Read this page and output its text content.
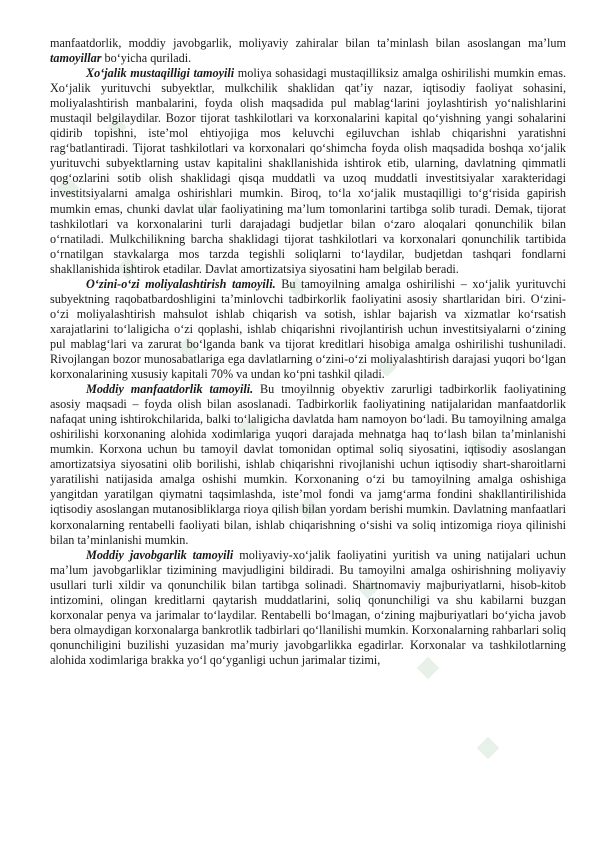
manfaatdorlik, moddiy javobgarlik, moliyaviy zahiralar bilan ta’minlash bilan asoslangan ma’lum tamoyillar bo‘yicha quriladi.

Xo‘jalik mustaqilligi tamoyili moliya sohasidagi mustaqilliksiz amalga oshirilishi mumkin emas. Xo‘jalik yurituvchi subyektlar, mulkchilik shaklidan qat’iy nazar, iqtisodiy faoliyat sohasini, moliyalashtirish manbalarini, foyda olish maqsadida pul mablag‘larini joylashtirish yo‘nalishlarini mustaqil belgilaydilar. Bozor tijorat tashkilotlari va korxonalarini kapital qo‘yishning yangi sohalarini qidirib topishni, iste’mol ehtiyojiga mos keluvchi egiluvchan ishlab chiqarishni yaratishni rag‘batlantiradi. Tijorat tashkilotlari va korxonalari qo‘shimcha foyda olish maqsadida boshqa xo‘jalik yurituvchi subyektlarning ustav kapitalini shakllanishida ishtirok etib, ularning, davlatning qimmatli qog‘ozlarini sotib olish shaklidagi qisqa muddatli va uzoq muddatli investitsiyalar xarakteridagi investitsiyalarni amalga oshirishlari mumkin. Biroq, to‘la xo‘jalik mustaqilligi to‘g‘risida gapirish mumkin emas, chunki davlat ular faoliyatining ma’lum tomonlarini tartibga solib turadi. Demak, tijorat tashkilotlari va korxonalarini turli darajadagi budjetlar bilan o‘zaro aloqalari qonunchilik bilan o‘rnatiladi. Mulkchilikning barcha shaklidagi tijorat tashkilotlari va korxonalari qonunchilik tartibida o‘rnatilgan stavkalarga mos tarzda tegishli soliqlarni to‘laydilar, budjetdan tashqari fondlarni shakllanishida ishtirok etadilar. Davlat amortizatsiya siyosatini ham belgilab beradi.

O‘zini-o‘zi moliyalashtirish tamoyili. Bu tamoyilning amalga oshirilishi – xo‘jalik yurituvchi subyektning raqobatbardoshligini ta’minlovchi tadbirkorlik faoliyatini asosiy shartlaridan biri. O‘zini-o‘zi moliyalashtirish mahsulot ishlab chiqarish va sotish, ishlar bajarish va xizmatlar ko‘rsatish xarajatlarini to‘laligicha o‘zi qoplashi, ishlab chiqarishni rivojlantirish uchun investitsiyalarni o‘zining pul mablag‘lari va zarurat bo‘lganda bank va tijorat kreditlari hisobiga amalga oshirilishi tushuniladi. Rivojlangan bozor munosabatlariga ega davlatlarning o‘zini-o‘zi moliyalashtirish darajasi yuqori bo‘lgan korxonalarining xususiy kapitali 70% va undan ko‘pni tashkil qiladi.

Moddiy manfaatdorlik tamoyili. Bu tmoyilnnig obyektiv zarurligi tadbirkorlik faoliyatining asosiy maqsadi – foyda olish bilan asoslanadi. Tadbirkorlik faoliyatining natijalaridan manfaatdorlik nafaqat uning ishtirokchilarida, balki to‘laligicha davlatda ham namoyon bo‘ladi. Bu tamoyilning amalga oshirilishi korxonaning alohida xodimlariga yuqori darajada mehnatga haq to‘lash bilan ta’minlanishi mumkin. Korxona uchun bu tamoyil davlat tomonidan optimal soliq siyosatini, iqtisodiy asoslangan amortizatsiya siyosatini olib borilishi, ishlab chiqarishni rivojlanishi uchun iqtisodiy shart-sharoitlarni yaratilishi natijasida amalga oshishi mumkin. Korxonaning o‘zi bu tamoyilning amalga oshishiga yangitdan yaratilgan qiymatni taqsimlashda, iste’mol fondi va jamg‘arma fondini shakllantirilishida iqtisodiy asoslangan mutanosibliklarga rioya qilish bilan yordam berishi mumkin. Davlatning manfaatlari korxonalarning rentabelli faoliyati bilan, ishlab chiqarishning o‘sishi va soliq intizomiga rioya qilinishi bilan ta’minlanishi mumkin.

Moddiy javobgarlik tamoyili moliyaviy-xo‘jalik faoliyatini yuritish va uning natijalari uchun ma’lum javobgarliklar tizimining mavjudligini bildiradi. Bu tamoyilni amalga oshirishning moliyaviy usullari turli xildir va qonunchilik bilan tartibga solinadi. Shartnomaviy majburiyatlarni, hisob-kitob intizomini, olingan kreditlarni qaytarish muddatlarini, soliq qonunchiligi va shu kabilarni buzgan korxonalar penya va jarimalar to‘laydilar. Rentabelli bo‘lmagan, o‘zining majburiyatlari bo‘yicha javob bera olmaydigan korxonalarga bankrotlik tadbirlari qo‘llanilishi mumkin. Korxonalarning rahbarlari soliq qonunchiligini buzilishi yuzasidan ma’muriy javobgarlikka egadirlar. Korxonalar va tashkilotlarning alohida xodimlariga brakka yo‘l qo‘yganligi uchun jarimalar tizimi,
